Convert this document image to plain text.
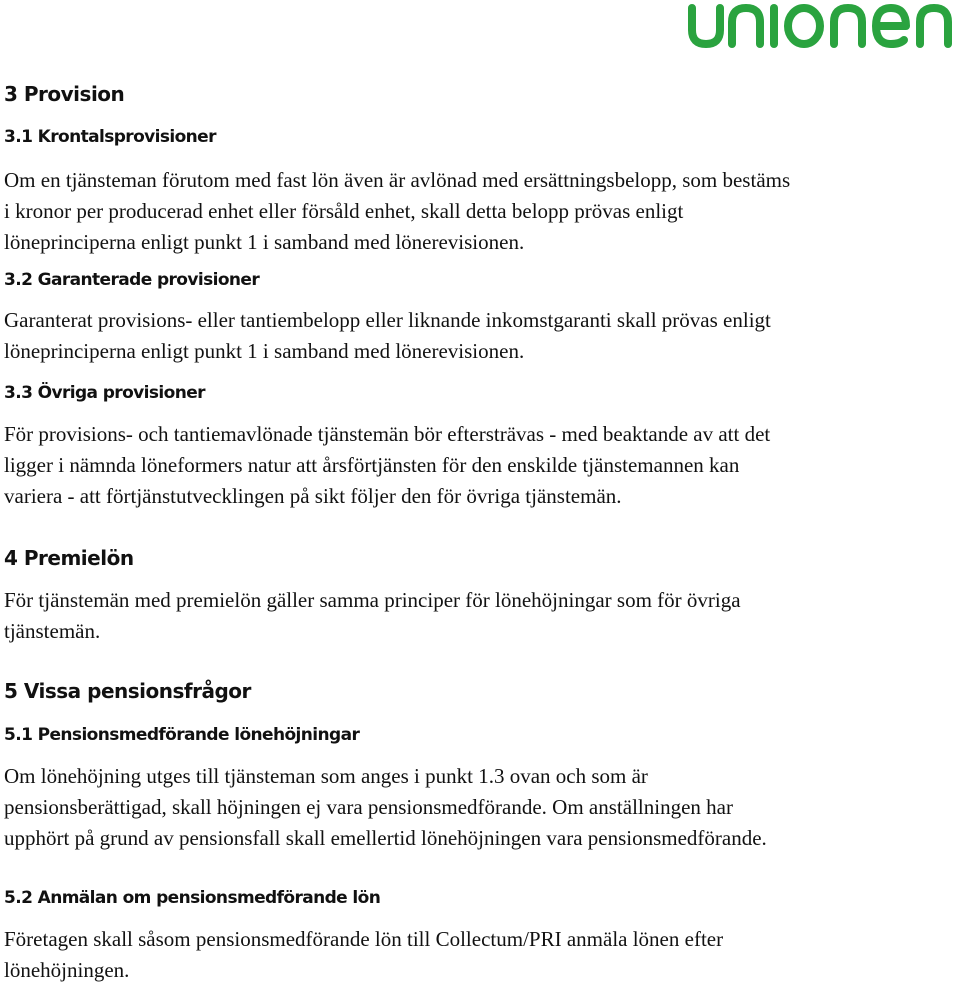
3 Provision
3.1 Krontalsprovisioner
Om en tjänsteman förutom med fast lön även är avlönad med ersättningsbelopp, som bestäms
i kronor per producerad enhet eller försåld enhet, skall detta belopp prövas enligt
löneprinciperna enligt punkt 1 i samband med lönerevisionen.
3.2 Garanterade provisioner
Garanterat provisions- eller tantiembelopp eller liknande inkomstgaranti skall prövas enligt
löneprinciperna enligt punkt 1 i samband med lönerevisionen.
3.3 Övriga provisioner
För provisions- och tantiemavlönade tjänstemän bör eftersträvas - med beaktande av att det
ligger i nämnda löneformers natur att årsförtjänsten för den enskilde tjänstemannen kan
variera - att förtjänstutvecklingen på sikt följer den för övriga tjänstemän.
4 Premielön
För tjänstemän med premielön gäller samma principer för lönehöjningar som för övriga
tjänstemän.
5 Vissa pensionsfrågor
5.1 Pensionsmedförande lönehöjningar
Om lönehöjning utges till tjänsteman som anges i punkt 1.3 ovan och som är
pensionsberättigad, skall höjningen ej vara pensionsmedförande. Om anställningen har
upphört på grund av pensionsfall skall emellertid lönehöjningen vara pensionsmedförande.
5.2 Anmälan om pensionsmedförande lön
Företagen skall såsom pensionsmedförande lön till Collectum/PRI anmäla lönen efter
lönehöjningen.
